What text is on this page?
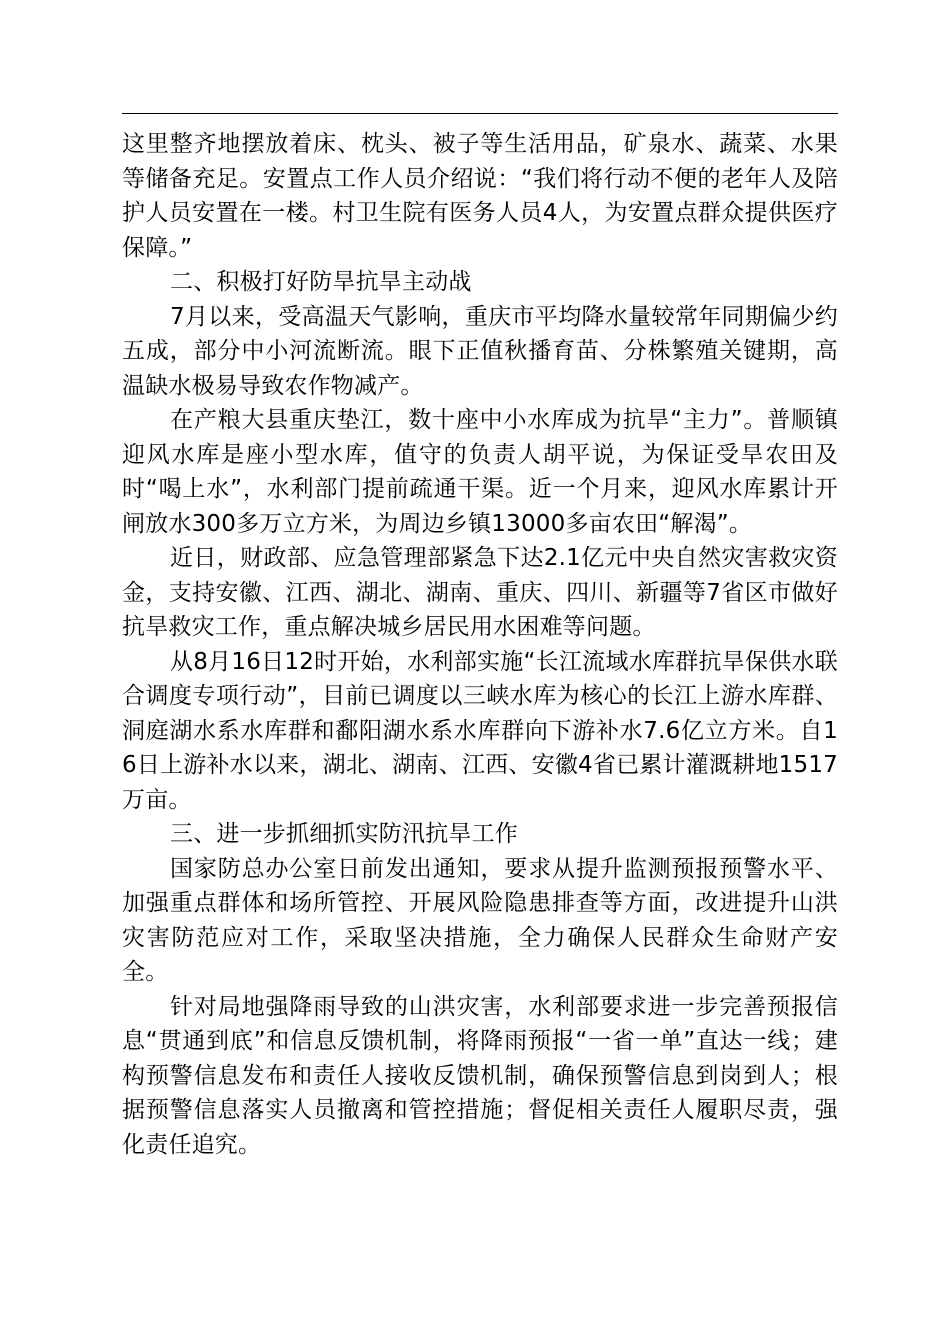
这里整齐地摆放着床、枕头、被子等生活用品，矿泉水、蔬菜、水果等储备充足。安置点工作人员介绍说：“我们将行动不便的老年人及陪护人员安置在一楼。村卫生院有医务人员4人，为安置点群众提供医疗保障。”

二、积极打好防旱抗旱主动战

7月以来，受高温天气影响，重庆市平均降水量较常年同期偏少约五成，部分中小河流断流。眼下正值秋播育苗、分株繁殖关键期，高温缺水极易导致农作物减产。

在产粮大县重庆垫江，数十座中小水库成为抗旱“主力”。普顺镇迎风水库是座小型水库，值守的负责人胡平说，为保证受旱农田及时“喝上水”，水利部门提前疏通干渠。近一个月来，迎风水库累计开闸放水300多万立方米，为周边乡镇13000多亩农田“解渴”。

近日，财政部、应急管理部紧急下达2.1亿元中央自然灾害救灾资金，支持安徽、江西、湖北、湖南、重庆、四川、新疆等7省区市做好抗旱救灾工作，重点解决城乡居民用水困难等问题。

从8月16日12时开始，水利部实施“长江流域水库群抗旱保供水联合调度专项行动”，目前已调度以三峡水库为核心的长江上游水库群、洞庭湖水系水库群和鄱阳湖水系水库群向下游补水7.6亿立方米。自16日上游补水以来，湖北、湖南、江西、安徽4省已累计灌溉耕地1517万亩。

三、进一步抓细抓实防汛抗旱工作

国家防总办公室日前发出通知，要求从提升监测预报预警水平、加强重点群体和场所管控、开展风险隐患排查等方面，改进提升山洪灾害防范应对工作，采取坚决措施，全力确保人民群众生命财产安全。

针对局地强降雨导致的山洪灾害，水利部要求进一步完善预报信息“贯通到底”和信息反馈机制，将降雨预报“一省一单”直达一线；建构预警信息发布和责任人接收反馈机制，确保预警信息到岗到人；根据预警信息落实人员撤离和管控措施；督促相关责任人履职尽责，强化责任追究。
